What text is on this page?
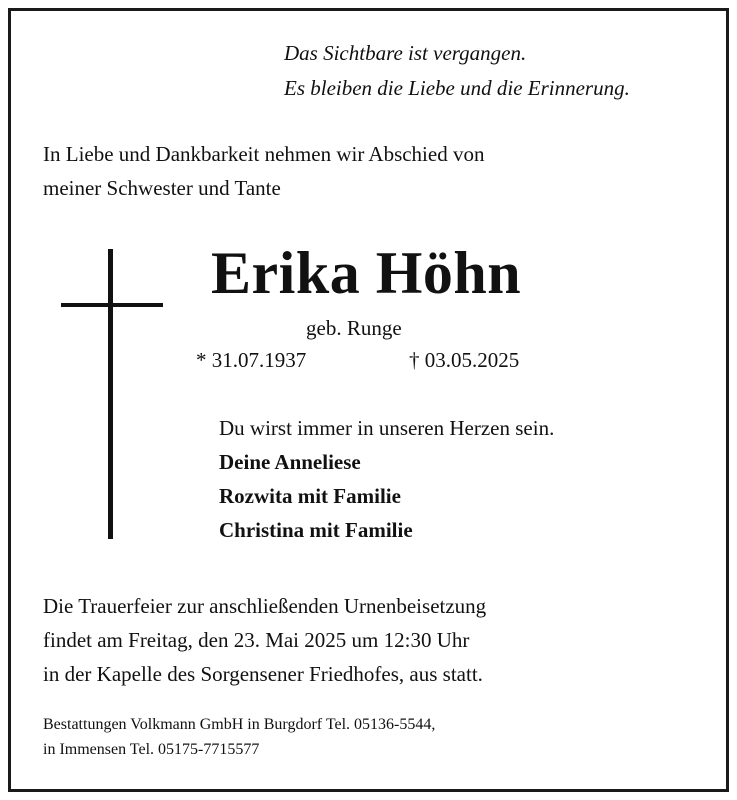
Das Sichtbare ist vergangen.
Es bleiben die Liebe und die Erinnerung.
In Liebe und Dankbarkeit nehmen wir Abschied von
meiner Schwester und Tante
Erika Höhn
geb. Runge
* 31.07.1937	† 03.05.2025
Du wirst immer in unseren Herzen sein.
Deine Anneliese
Rozwita mit Familie
Christina mit Familie
Die Trauerfeier zur anschließenden Urnenbeisetzung
findet am Freitag, den 23. Mai 2025 um 12:30 Uhr
in der Kapelle des Sorgensener Friedhofes, aus statt.
Bestattungen Volkmann GmbH in Burgdorf Tel. 05136-5544,
in Immensen Tel. 05175-7715577
